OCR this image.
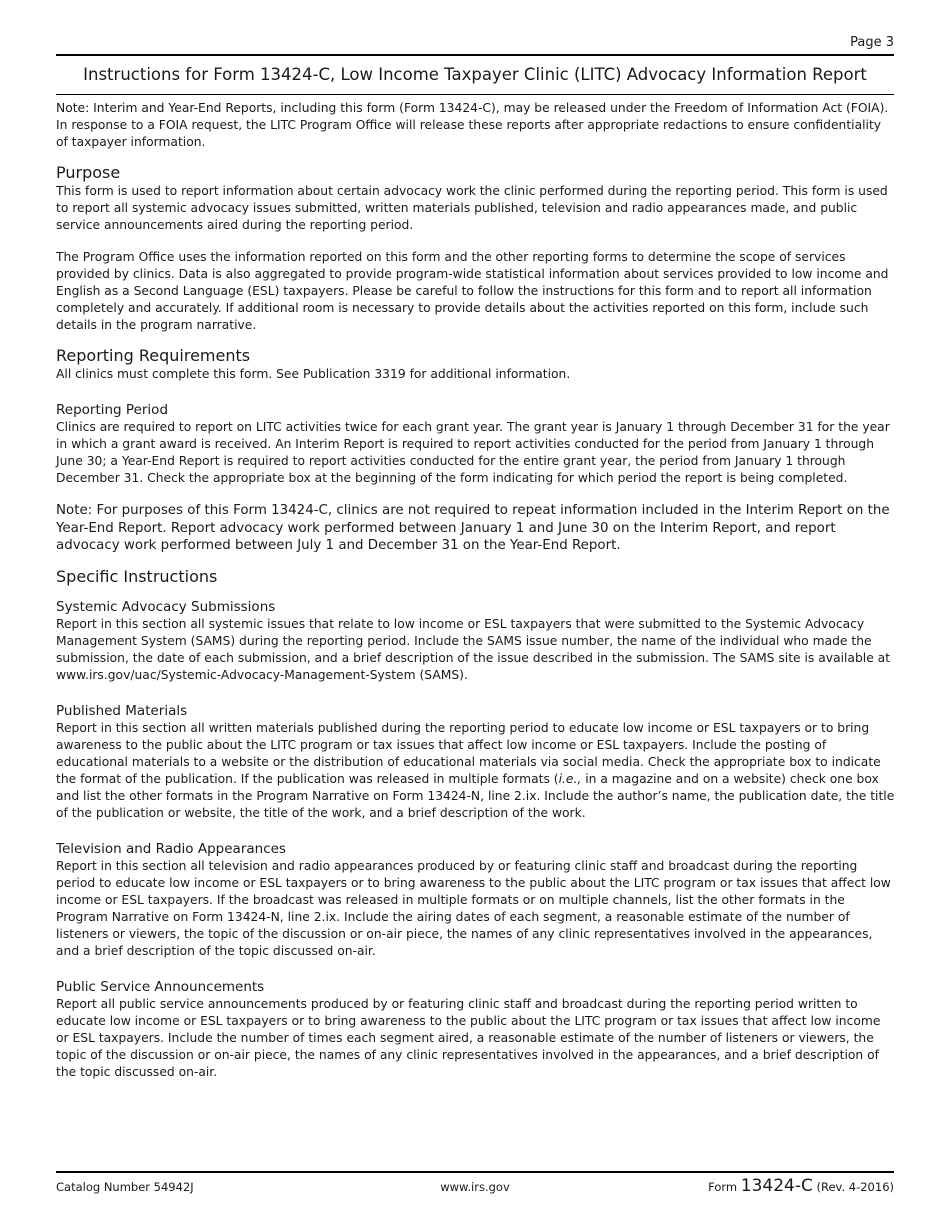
Page 3
Instructions for Form 13424-C, Low Income Taxpayer Clinic (LITC) Advocacy Information Report

Note: Interim and Year-End Reports, including this form (Form 13424-C), may be released under the Freedom of Information Act (FOIA). In response to a FOIA request, the LITC Program Office will release these reports after appropriate redactions to ensure confidentiality of taxpayer information.

Purpose

This form is used to report information about certain advocacy work the clinic performed during the reporting period. This form is used to report all systemic advocacy issues submitted, written materials published, television and radio appearances made, and public service announcements aired during the reporting period.

The Program Office uses the information reported on this form and the other reporting forms to determine the scope of services provided by clinics. Data is also aggregated to provide program-wide statistical information about services provided to low income and English as a Second Language (ESL) taxpayers. Please be careful to follow the instructions for this form and to report all information completely and accurately. If additional room is necessary to provide details about the activities reported on this form, include such details in the program narrative.

Reporting Requirements

All clinics must complete this form. See Publication 3319 for additional information.

Reporting Period

Clinics are required to report on LITC activities twice for each grant year. The grant year is January 1 through December 31 for the year in which a grant award is received. An Interim Report is required to report activities conducted for the period from January 1 through June 30; a Year-End Report is required to report activities conducted for the entire grant year, the period from January 1 through December 31. Check the appropriate box at the beginning of the form indicating for which period the report is being completed.

Note: For purposes of this Form 13424-C, clinics are not required to repeat information included in the Interim Report on the Year-End Report. Report advocacy work performed between January 1 and June 30 on the Interim Report, and report advocacy work performed between July 1 and December 31 on the Year-End Report.

Specific Instructions
Systemic Advocacy Submissions

Report in this section all systemic issues that relate to low income or ESL taxpayers that were submitted to the Systemic Advocacy Management System (SAMS) during the reporting period. Include the SAMS issue number, the name of the individual who made the submission, the date of each submission, and a brief description of the issue described in the submission. The SAMS site is available at www.irs.gov/uac/Systemic-Advocacy-Management-System (SAMS).

Published Materials

Report in this section all written materials published during the reporting period to educate low income or ESL taxpayers or to bring awareness to the public about the LITC program or tax issues that affect low income or ESL taxpayers. Include the posting of educational materials to a website or the distribution of educational materials via social media. Check the appropriate box to indicate the format of the publication. If the publication was released in multiple formats (i.e., in a magazine and on a website) check one box and list the other formats in the Program Narrative on Form 13424-N, line 2.ix. Include the author’s name, the publication date, the title of the publication or website, the title of the work, and a brief description of the work.

Television and Radio Appearances

Report in this section all television and radio appearances produced by or featuring clinic staff and broadcast during the reporting period to educate low income or ESL taxpayers or to bring awareness to the public about the LITC program or tax issues that affect low income or ESL taxpayers. If the broadcast was released in multiple formats or on multiple channels, list the other formats in the Program Narrative on Form 13424-N, line 2.ix. Include the airing dates of each segment, a reasonable estimate of the number of listeners or viewers, the topic of the discussion or on-air piece, the names of any clinic representatives involved in the appearances, and a brief description of the topic discussed on-air.

Public Service Announcements

Report all public service announcements produced by or featuring clinic staff and broadcast during the reporting period written to educate low income or ESL taxpayers or to bring awareness to the public about the LITC program or tax issues that affect low income or ESL taxpayers. Include the number of times each segment aired, a reasonable estimate of the number of listeners or viewers, the topic of the discussion or on-air piece, the names of any clinic representatives involved in the appearances, and a brief description of the topic discussed on-air.

Catalog Number 54942J	www.irs.gov	Form 13424-C (Rev. 4-2016)
